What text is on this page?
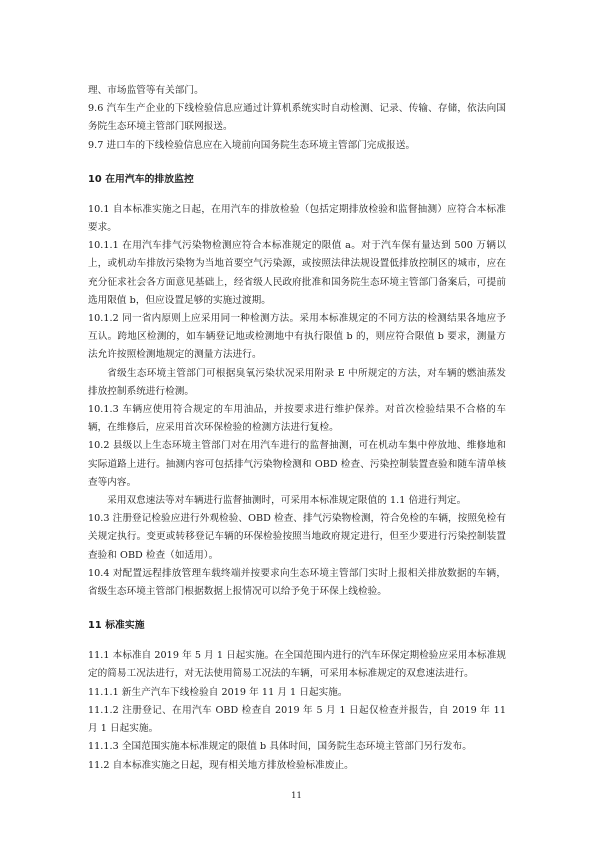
理、市场监管等有关部门。

9.6 汽车生产企业的下线检验信息应通过计算机系统实时自动检测、记录、传输、存储，依法向国务院生态环境主管部门联网报送。

9.7 进口车的下线检验信息应在入境前向国务院生态环境主管部门完成报送。

10 在用汽车的排放监控

10.1 自本标准实施之日起，在用汽车的排放检验（包括定期排放检验和监督抽测）应符合本标准要求。

10.1.1 在用汽车排气污染物检测应符合本标准规定的限值 a。对于汽车保有量达到 500 万辆以上，或机动车排放污染物为当地首要空气污染源，或按照法律法规设置低排放控制区的城市，应在充分征求社会各方面意见基础上，经省级人民政府批准和国务院生态环境主管部门备案后，可提前选用限值 b，但应设置足够的实施过渡期。

10.1.2 同一省内原则上应采用同一种检测方法。采用本标准规定的不同方法的检测结果各地应予互认。跨地区检测的，如车辆登记地或检测地中有执行限值 b 的，则应符合限值 b 要求，测量方法允许按照检测地规定的测量方法进行。

省级生态环境主管部门可根据臭氧污染状况采用附录 E 中所规定的方法，对车辆的燃油蒸发排放控制系统进行检测。

10.1.3 车辆应使用符合规定的车用油品，并按要求进行维护保养。对首次检验结果不合格的车辆，在维修后，应采用首次环保检验的检测方法进行复检。

10.2 县级以上生态环境主管部门对在用汽车进行的监督抽测，可在机动车集中停放地、维修地和实际道路上进行。抽测内容可包括排气污染物检测和 OBD 检查、污染控制装置查验和随车清单核查等内容。

采用双怠速法等对车辆进行监督抽测时，可采用本标准规定限值的 1.1 倍进行判定。

10.3 注册登记检验应进行外观检验、OBD 检查、排气污染物检测，符合免检的车辆，按照免检有关规定执行。变更或转移登记车辆的环保检验按照当地政府规定进行，但至少要进行污染控制装置查验和 OBD 检查（如适用）。

10.4 对配置远程排放管理车载终端并按要求向生态环境主管部门实时上报相关排放数据的车辆，省级生态环境主管部门根据数据上报情况可以给予免于环保上线检验。

11 标准实施

11.1 本标准自 2019 年 5 月 1 日起实施。在全国范围内进行的汽车环保定期检验应采用本标准规定的简易工况法进行，对无法使用简易工况法的车辆，可采用本标准规定的双怠速法进行。

11.1.1 新生产汽车下线检验自 2019 年 11 月 1 日起实施。

11.1.2 注册登记、在用汽车 OBD 检查自 2019 年 5 月 1 日起仅检查并报告，自 2019 年 11 月 1 日起实施。

11.1.3 全国范围实施本标准规定的限值 b 具体时间，国务院生态环境主管部门另行发布。

11.2 自本标准实施之日起，现有相关地方排放检验标准废止。

11
